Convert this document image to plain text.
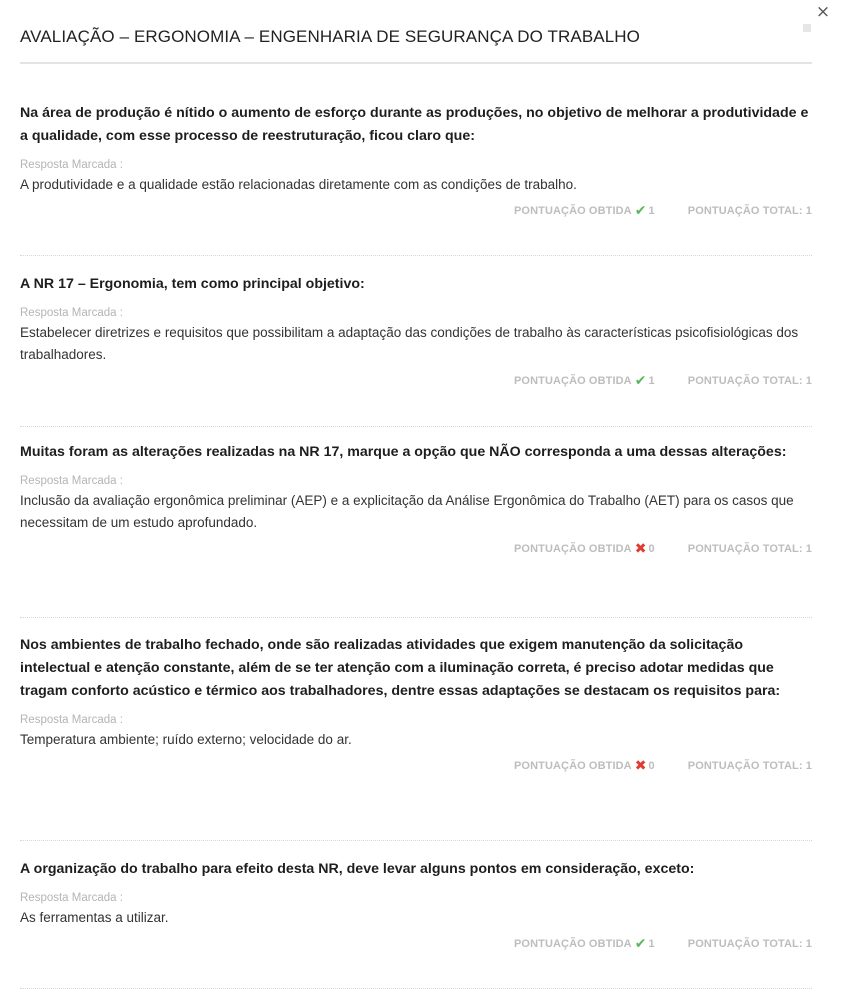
×
AVALIAÇÃO – ERGONOMIA – ENGENHARIA DE SEGURANÇA DO TRABALHO
Na área de produção é nítido o aumento de esforço durante as produções, no objetivo de melhorar a produtividade e a qualidade, com esse processo de reestruturação, ficou claro que:
Resposta Marcada :
A produtividade e a qualidade estão relacionadas diretamente com as condições de trabalho.
PONTUAÇÃO OBTIDA ✔ 1	PONTUAÇÃO TOTAL: 1
A NR 17 – Ergonomia, tem como principal objetivo:
Resposta Marcada :
Estabelecer diretrizes e requisitos que possibilitam a adaptação das condições de trabalho às características psicofisiológicas dos trabalhadores.
PONTUAÇÃO OBTIDA ✔ 1	PONTUAÇÃO TOTAL: 1
Muitas foram as alterações realizadas na NR 17, marque a opção que NÃO corresponda a uma dessas alterações:
Resposta Marcada :
Inclusão da avaliação ergonômica preliminar (AEP) e a explicitação da Análise Ergonômica do Trabalho (AET) para os casos que necessitam de um estudo aprofundado.
PONTUAÇÃO OBTIDA ✖ 0	PONTUAÇÃO TOTAL: 1
Nos ambientes de trabalho fechado, onde são realizadas atividades que exigem manutenção da solicitação intelectual e atenção constante, além de se ter atenção com a iluminação correta, é preciso adotar medidas que tragam conforto acústico e térmico aos trabalhadores, dentre essas adaptações se destacam os requisitos para:
Resposta Marcada :
Temperatura ambiente; ruído externo; velocidade do ar.
PONTUAÇÃO OBTIDA ✖ 0	PONTUAÇÃO TOTAL: 1
A organização do trabalho para efeito desta NR, deve levar alguns pontos em consideração, exceto:
Resposta Marcada :
As ferramentas a utilizar.
PONTUAÇÃO OBTIDA ✔ 1	PONTUAÇÃO TOTAL: 1
